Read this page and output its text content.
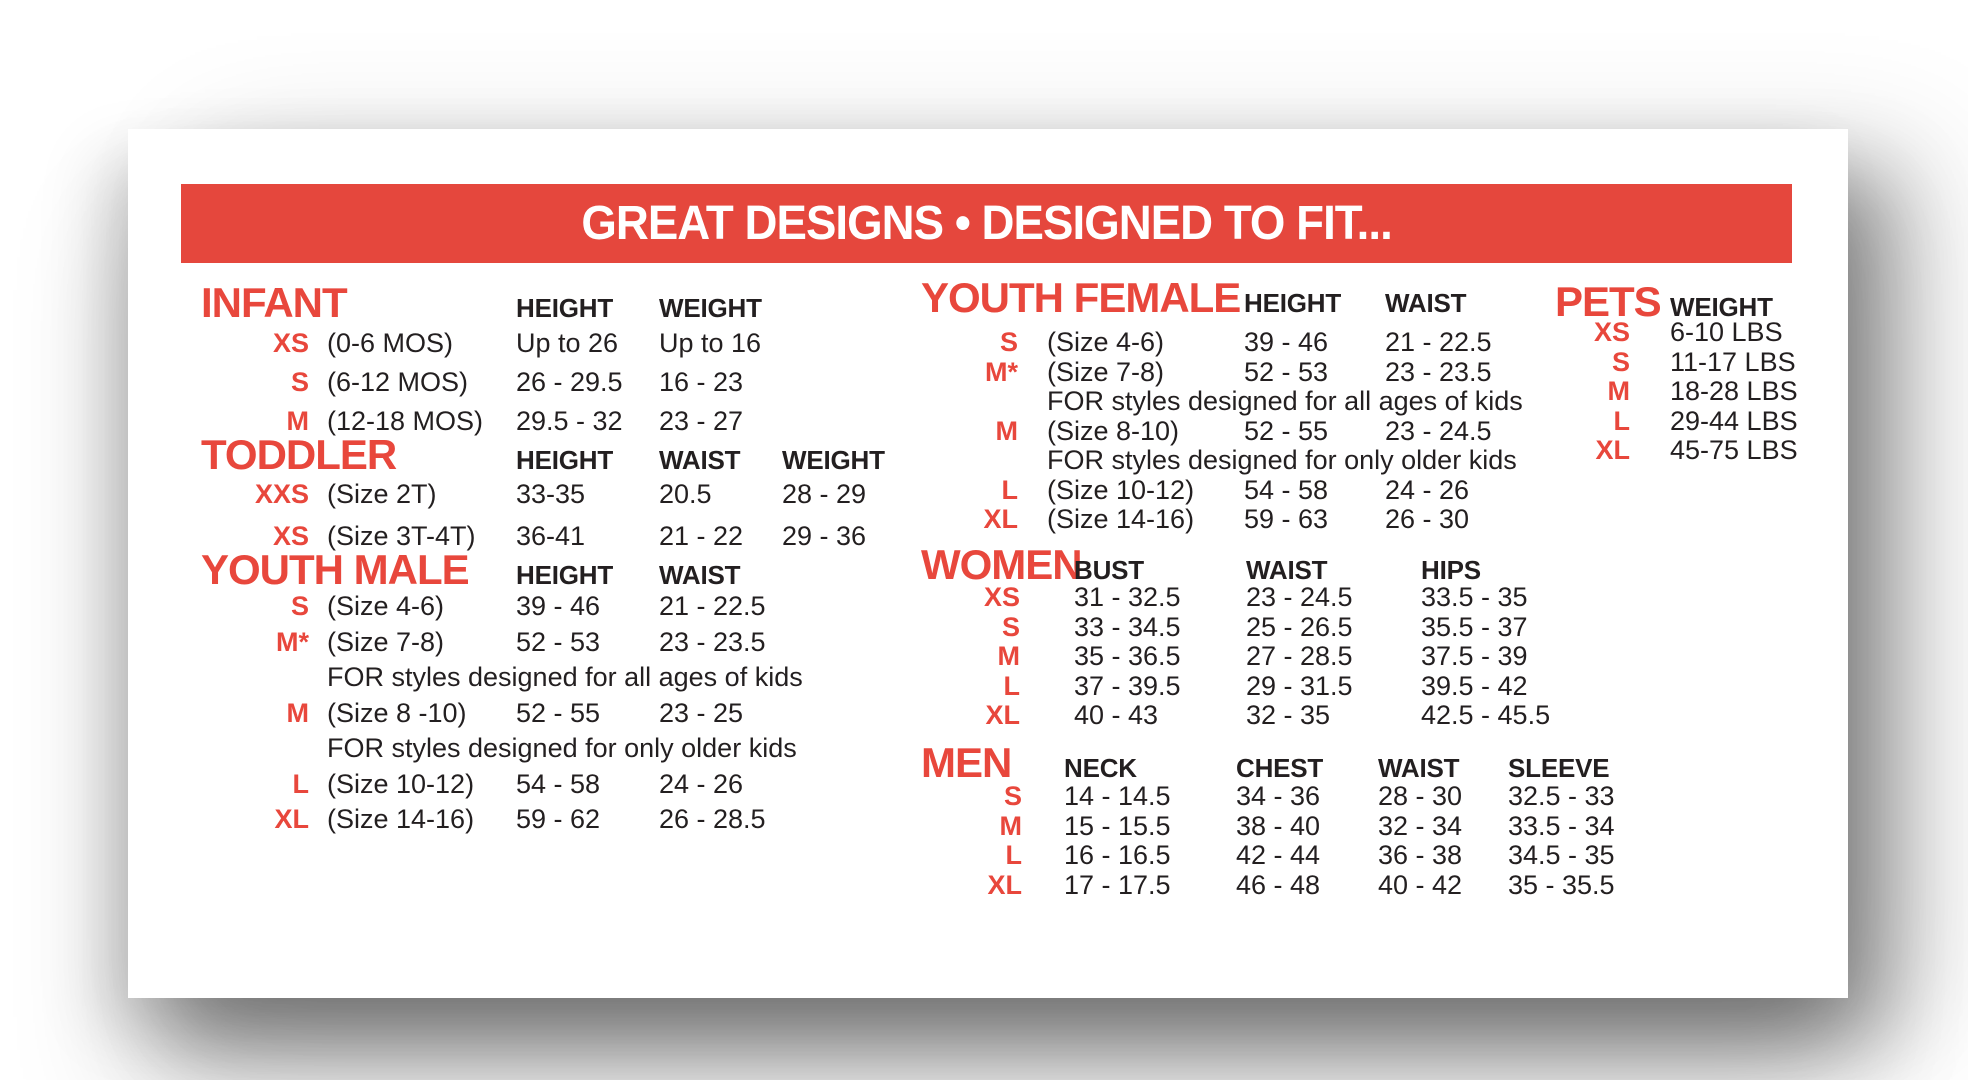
GREAT DESIGNS • DESIGNED TO FIT...
INFANT	HEIGHT	WEIGHT
XS (0-6 MOS)	Up to 26	Up to 16
S (6-12 MOS)	26 - 29.5	16 - 23
M (12-18 MOS)	29.5 - 32	23 - 27
TODDLER	HEIGHT	WAIST	WEIGHT
XXS (Size 2T)	33-35	20.5	28 - 29
XS (Size 3T-4T)	36-41	21 - 22	29 - 36
YOUTH MALE	HEIGHT	WAIST
S (Size 4-6)	39 - 46	21 - 22.5
M* (Size 7-8)	52 - 53	23 - 23.5
FOR styles designed for all ages of kids
M (Size 8 -10)	52 - 55	23 - 25
FOR styles designed for only older kids
L (Size 10-12)	54 - 58	24 - 26
XL (Size 14-16)	59 - 62	26 - 28.5
YOUTH FEMALE HEIGHT	WAIST
S	(Size 4-6)	39 - 46	21 - 22.5
M*	(Size 7-8)	52 - 53	23 - 23.5
FOR styles designed for all ages of kids
M	(Size 8-10)	52 - 55	23 - 24.5
FOR styles designed for only older kids
L	(Size 10-12)	54 - 58	24 - 26
XL	(Size 14-16)	59 - 63	26 - 30
WOMEN
BUST	WAIST	HIPS
XS	31 - 32.5	23 - 24.5	33.5 - 35
S	33 - 34.5	25 - 26.5	35.5 - 37
M	35 - 36.5	27 - 28.5	37.5 - 39
L	37 - 39.5	29 - 31.5	39.5 - 42
XL	40 - 43	32 - 35	42.5 - 45.5
MEN	NECK	CHEST	WAIST	SLEEVE
S	14 - 14.5	34 - 36	28 - 30	32.5 - 33
M	15 - 15.5	38 - 40	32 - 34	33.5 - 34
L	16 - 16.5	42 - 44	36 - 38	34.5 - 35
XL	17 - 17.5	46 - 48	40 - 42	35 - 35.5
PETS WEIGHT
XS	6-10 LBS
S	11-17 LBS
M	18-28 LBS
L	29-44 LBS
XL	45-75 LBS
